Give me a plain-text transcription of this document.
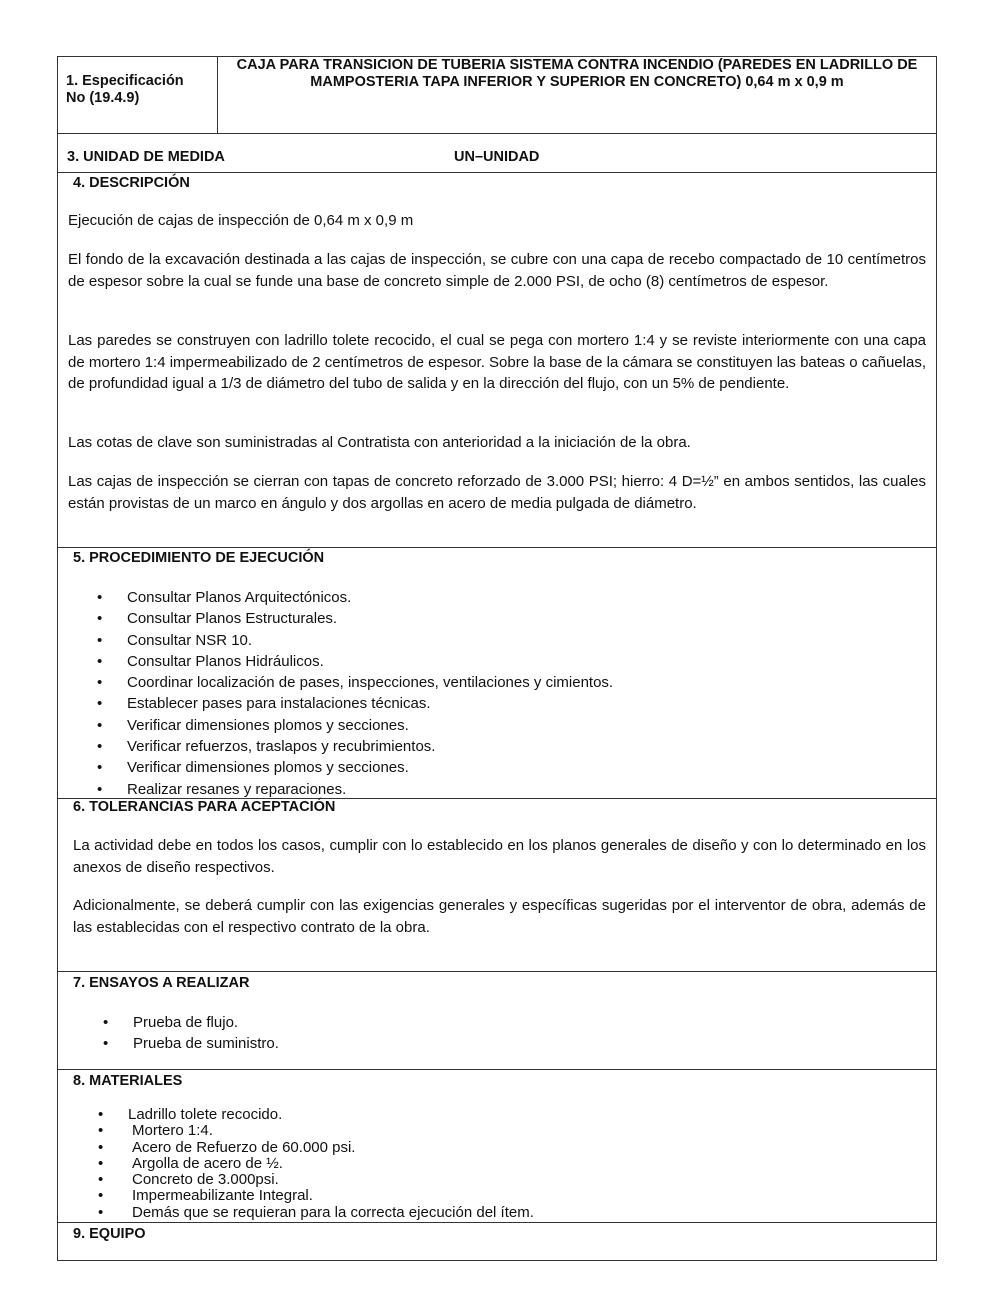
1. Especificación
No (19.4.9)
CAJA PARA TRANSICION DE TUBERIA SISTEMA CONTRA INCENDIO (PAREDES EN LADRILLO DE MAMPOSTERIA TAPA INFERIOR Y SUPERIOR EN CONCRETO) 0,64 m x 0,9 m
3. UNIDAD DE MEDIDA	UN–UNIDAD
4. DESCRIPCIÓN
Ejecución de cajas de inspección de 0,64 m x 0,9 m
El fondo de la excavación destinada a las cajas de inspección, se cubre con una capa de recebo compactado de 10 centímetros de espesor sobre la cual se funde una base de concreto simple de 2.000 PSI, de ocho (8) centímetros de espesor.
Las paredes se construyen con ladrillo tolete recocido, el cual se pega con mortero 1:4 y se reviste interiormente con una capa de mortero 1:4 impermeabilizado de 2 centímetros de espesor. Sobre la base de la cámara se constituyen las bateas o cañuelas, de profundidad igual a 1/3 de diámetro del tubo de salida y en la dirección del flujo, con un 5% de pendiente.
Las cotas de clave son suministradas al Contratista con anterioridad a la iniciación de la obra.
Las cajas de inspección se cierran con tapas de concreto reforzado de 3.000 PSI; hierro: 4 D=½” en ambos sentidos, las cuales están provistas de un marco en ángulo y dos argollas en acero de media pulgada de diámetro.
5. PROCEDIMIENTO DE EJECUCIÓN
• Consultar Planos Arquitectónicos.
• Consultar Planos Estructurales.
• Consultar NSR 10.
• Consultar Planos Hidráulicos.
• Coordinar localización de pases, inspecciones, ventilaciones y cimientos.
• Establecer pases para instalaciones técnicas.
• Verificar dimensiones plomos y secciones.
• Verificar refuerzos, traslapos y recubrimientos.
• Verificar dimensiones plomos y secciones.
• Realizar resanes y reparaciones.
6. TOLERANCIAS PARA ACEPTACIÓN
La actividad debe en todos los casos, cumplir con lo establecido en los planos generales de diseño y con lo determinado en los anexos de diseño respectivos.
Adicionalmente, se deberá cumplir con las exigencias generales y específicas sugeridas por el interventor de obra, además de las establecidas con el respectivo contrato de la obra.
7. ENSAYOS A REALIZAR
• Prueba de flujo.
• Prueba de suministro.
8. MATERIALES
• Ladrillo tolete recocido.
• Mortero 1:4.
• Acero de Refuerzo de 60.000 psi.
• Argolla de acero de ½.
• Concreto de 3.000psi.
• Impermeabilizante Integral.
• Demás que se requieran para la correcta ejecución del ítem.
9. EQUIPO
